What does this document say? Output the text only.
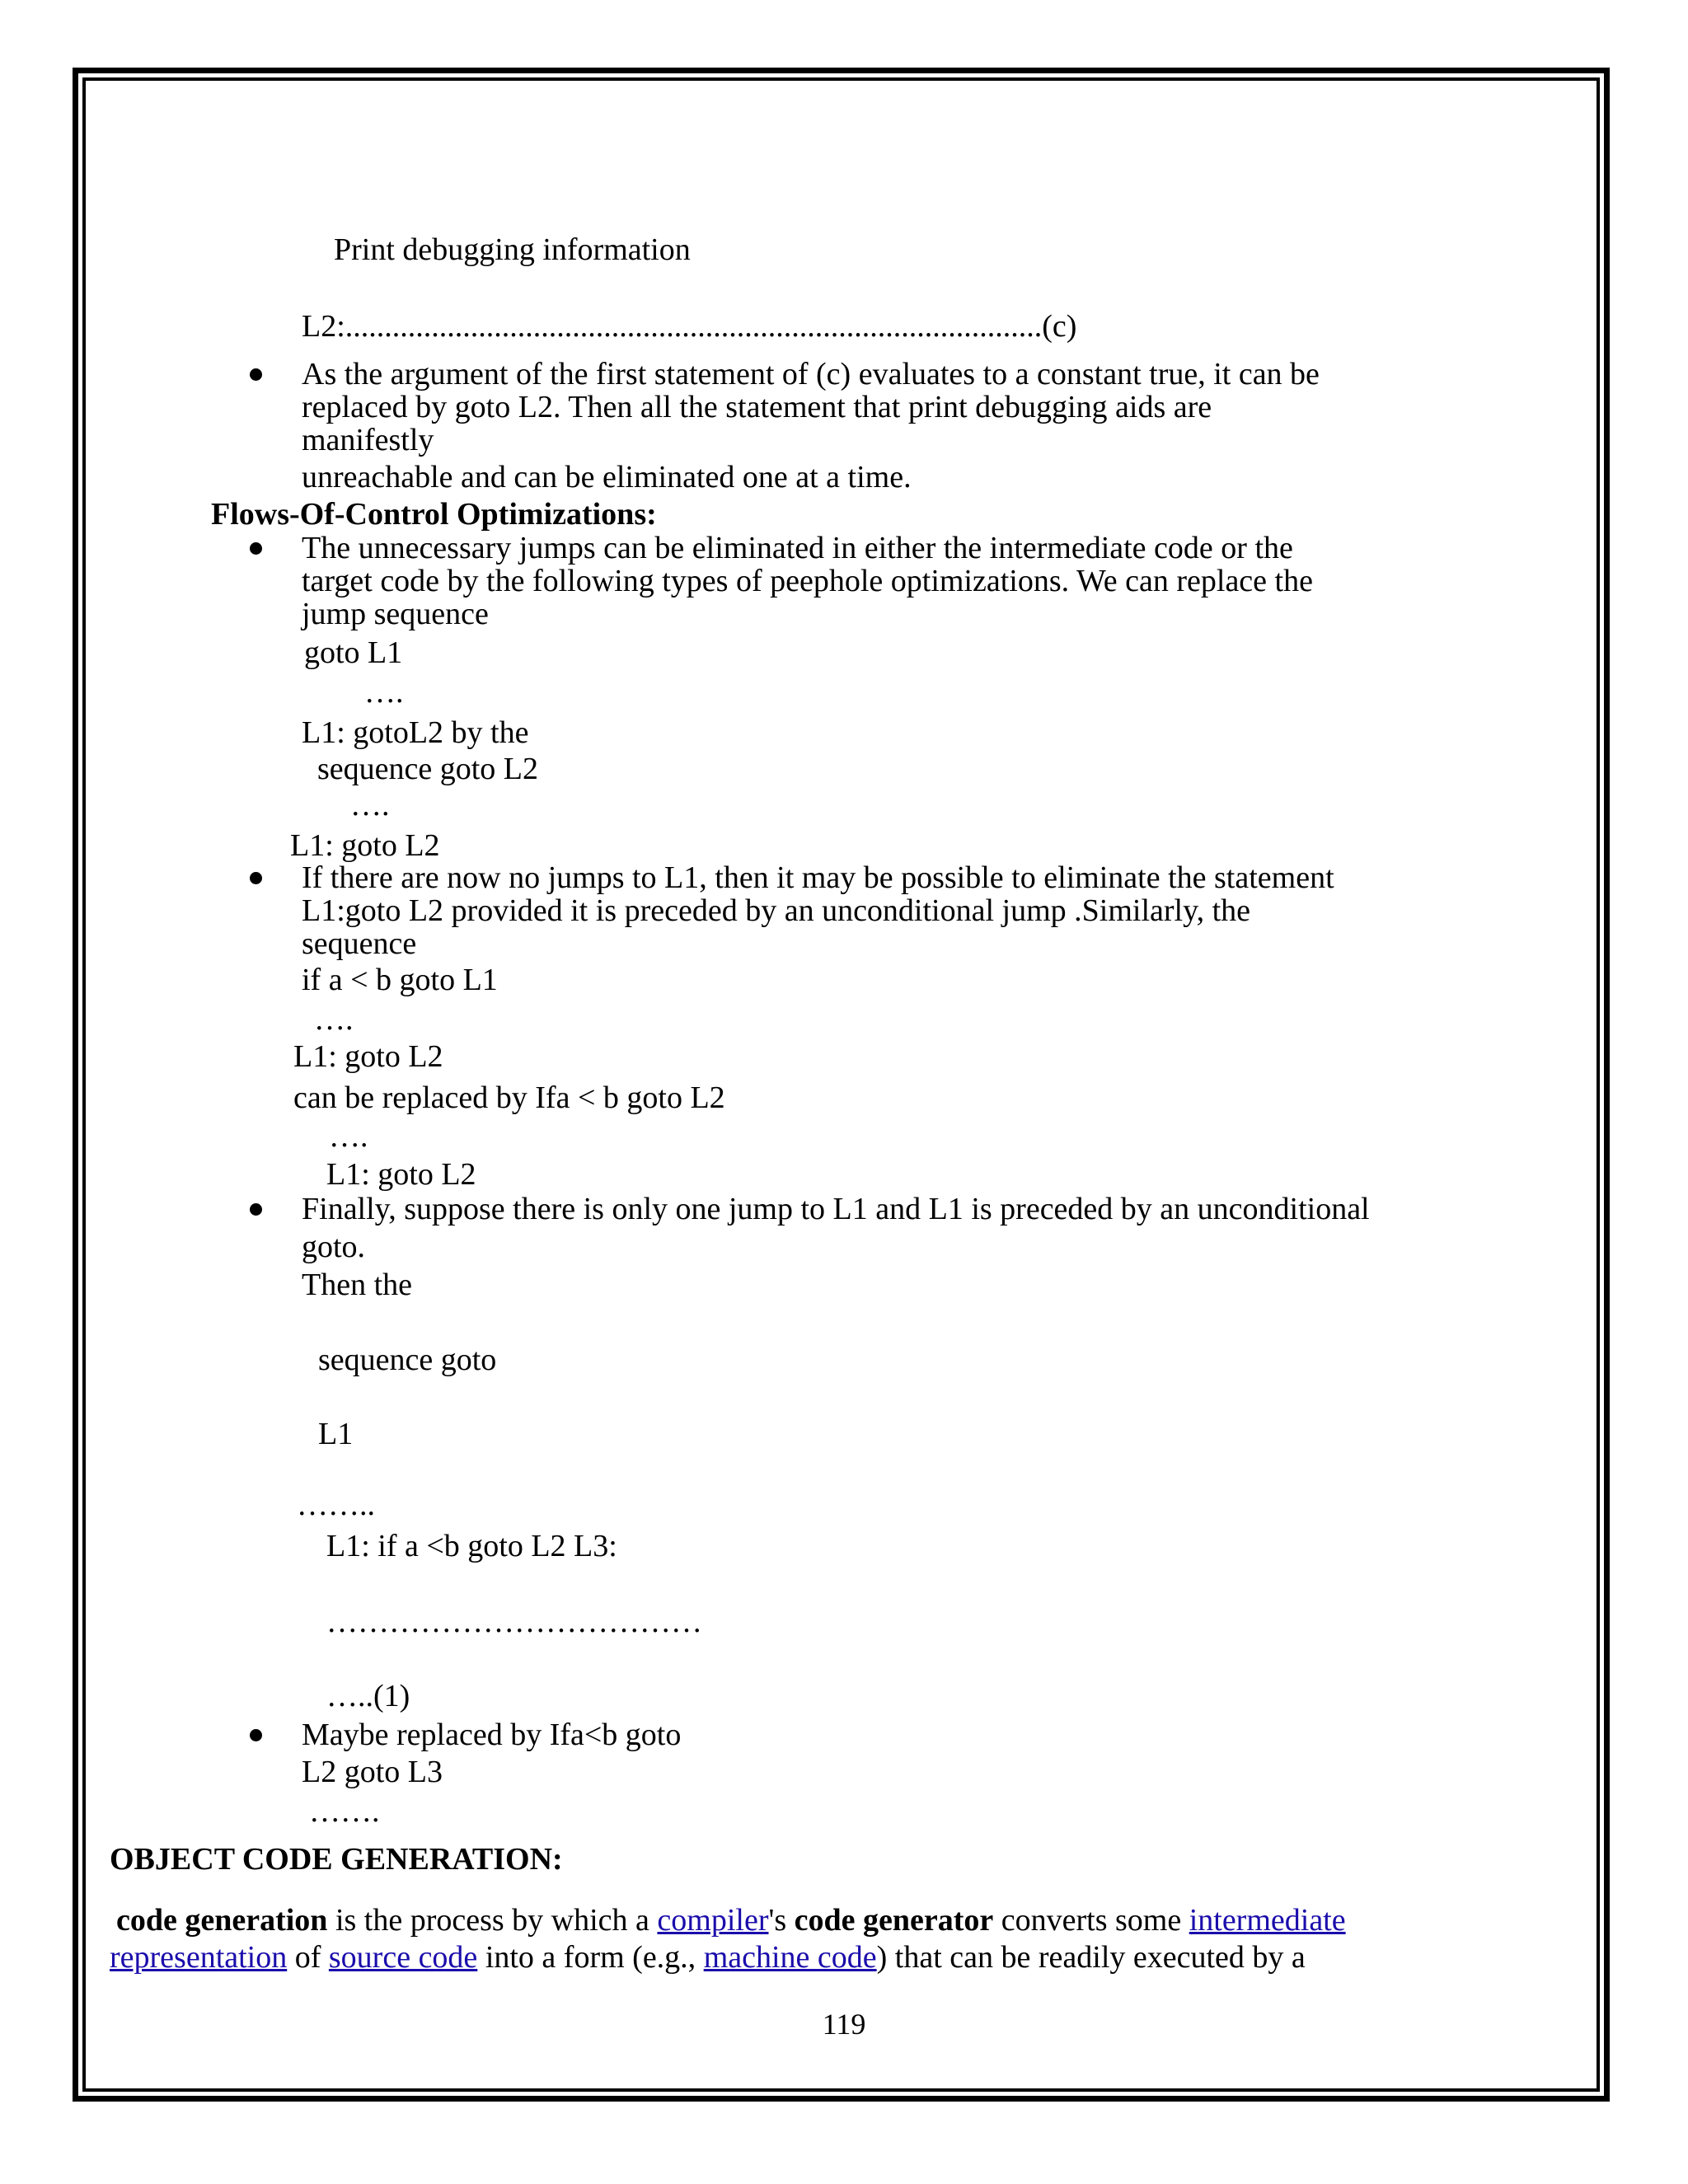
Print debugging information
L2:.........................................................................................(c)
As the argument of the first statement of (c) evaluates to a constant true, it can be
replaced by goto L2. Then all the statement that print debugging aids are
manifestly
unreachable and can be eliminated one at a time.
Flows-Of-Control Optimizations:
The unnecessary jumps can be eliminated in either the intermediate code or the
target code by the following types of peephole optimizations. We can replace the
jump sequence
goto L1
….
L1: gotoL2 by the
sequence goto L2
….
L1: goto L2
If there are now no jumps to L1, then it may be possible to eliminate the statement
L1:goto L2 provided it is preceded by an unconditional jump .Similarly, the
sequence
if a < b goto L1
….
L1: goto L2
can be replaced by Ifa < b goto L2
….
L1: goto L2
Finally, suppose there is only one jump to L1 and L1 is preceded by an unconditional
goto.
Then the
sequence goto
L1
……..
L1: if a <b goto L2 L3:
………………………………
…..(1)
Maybe replaced by Ifa<b goto
L2 goto L3
…….
OBJECT CODE GENERATION:
code generation is the process by which a compiler's code generator converts some intermediate
representation of source code into a form (e.g., machine code) that can be readily executed by a
119
